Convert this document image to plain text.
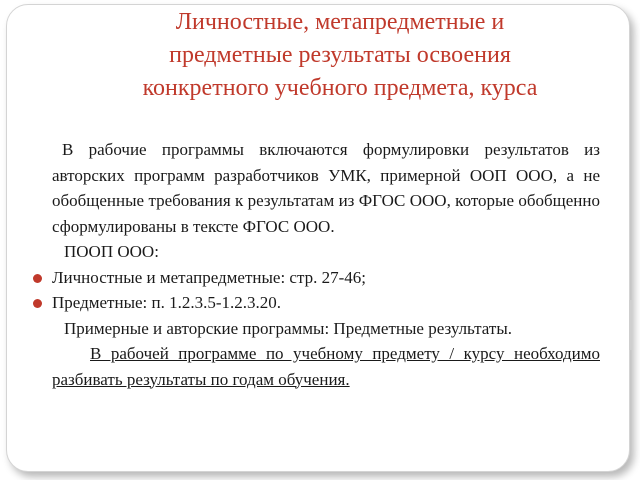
Личностные, метапредметные и
предметные результаты освоения
конкретного учебного предмета, курса

В рабочие программы включаются формулировки результатов из авторских программ разработчиков УМК, примерной ООП ООО, а не обобщенные требования к результатам из ФГОС ООО, которые обобщенно сформулированы в тексте ФГОС ООО.

ПООП ООО:

Личностные и метапредметные: стр. 27-46;
Предметные: п. 1.2.3.5-1.2.3.20.

Примерные и авторские программы: Предметные результаты.

В рабочей программе по учебному предмету / курсу необходимо разбивать результаты по годам обучения.
